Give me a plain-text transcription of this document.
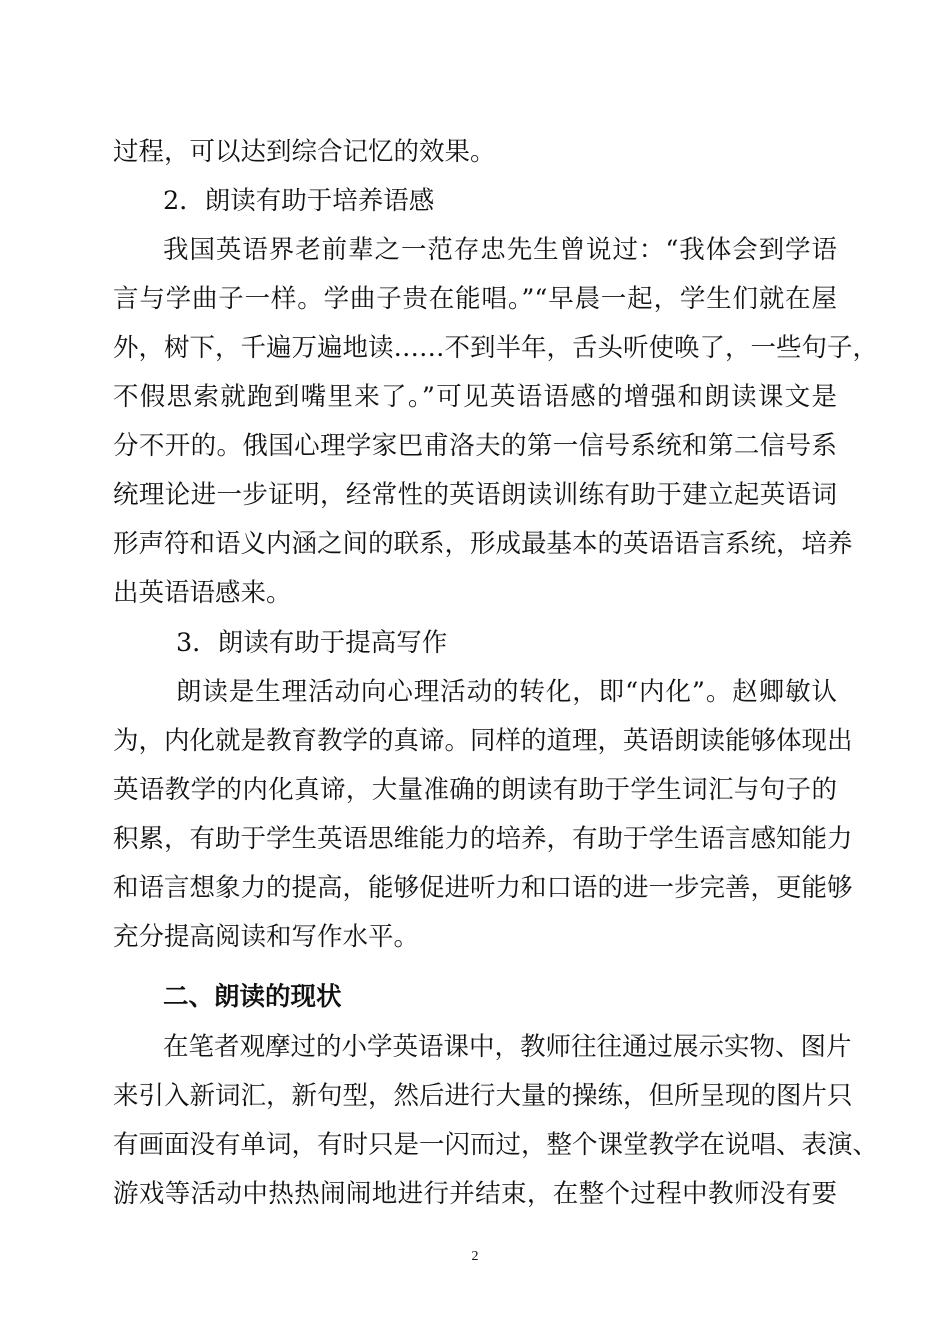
过程，可以达到综合记忆的效果。
2．朗读有助于培养语感
我国英语界老前辈之一范存忠先生曾说过：“我体会到学语
言与学曲子一样。学曲子贵在能唱。”“早晨一起，学生们就在屋
外，树下，千遍万遍地读……不到半年，舌头听使唤了，一些句子，
不假思索就跑到嘴里来了。”可见英语语感的增强和朗读课文是
分不开的。俄国心理学家巴甫洛夫的第一信号系统和第二信号系
统理论进一步证明，经常性的英语朗读训练有助于建立起英语词
形声符和语义内涵之间的联系，形成最基本的英语语言系统，培养
出英语语感来。
3．朗读有助于提高写作
朗读是生理活动向心理活动的转化，即“内化”。赵卿敏认
为，内化就是教育教学的真谛。同样的道理，英语朗读能够体现出
英语教学的内化真谛，大量准确的朗读有助于学生词汇与句子的
积累，有助于学生英语思维能力的培养，有助于学生语言感知能力
和语言想象力的提高，能够促进听力和口语的进一步完善，更能够
充分提高阅读和写作水平。
二、朗读的现状
在笔者观摩过的小学英语课中，教师往往通过展示实物、图片
来引入新词汇，新句型，然后进行大量的操练，但所呈现的图片只
有画面没有单词，有时只是一闪而过，整个课堂教学在说唱、表演、
游戏等活动中热热闹闹地进行并结束，在整个过程中教师没有要
2
